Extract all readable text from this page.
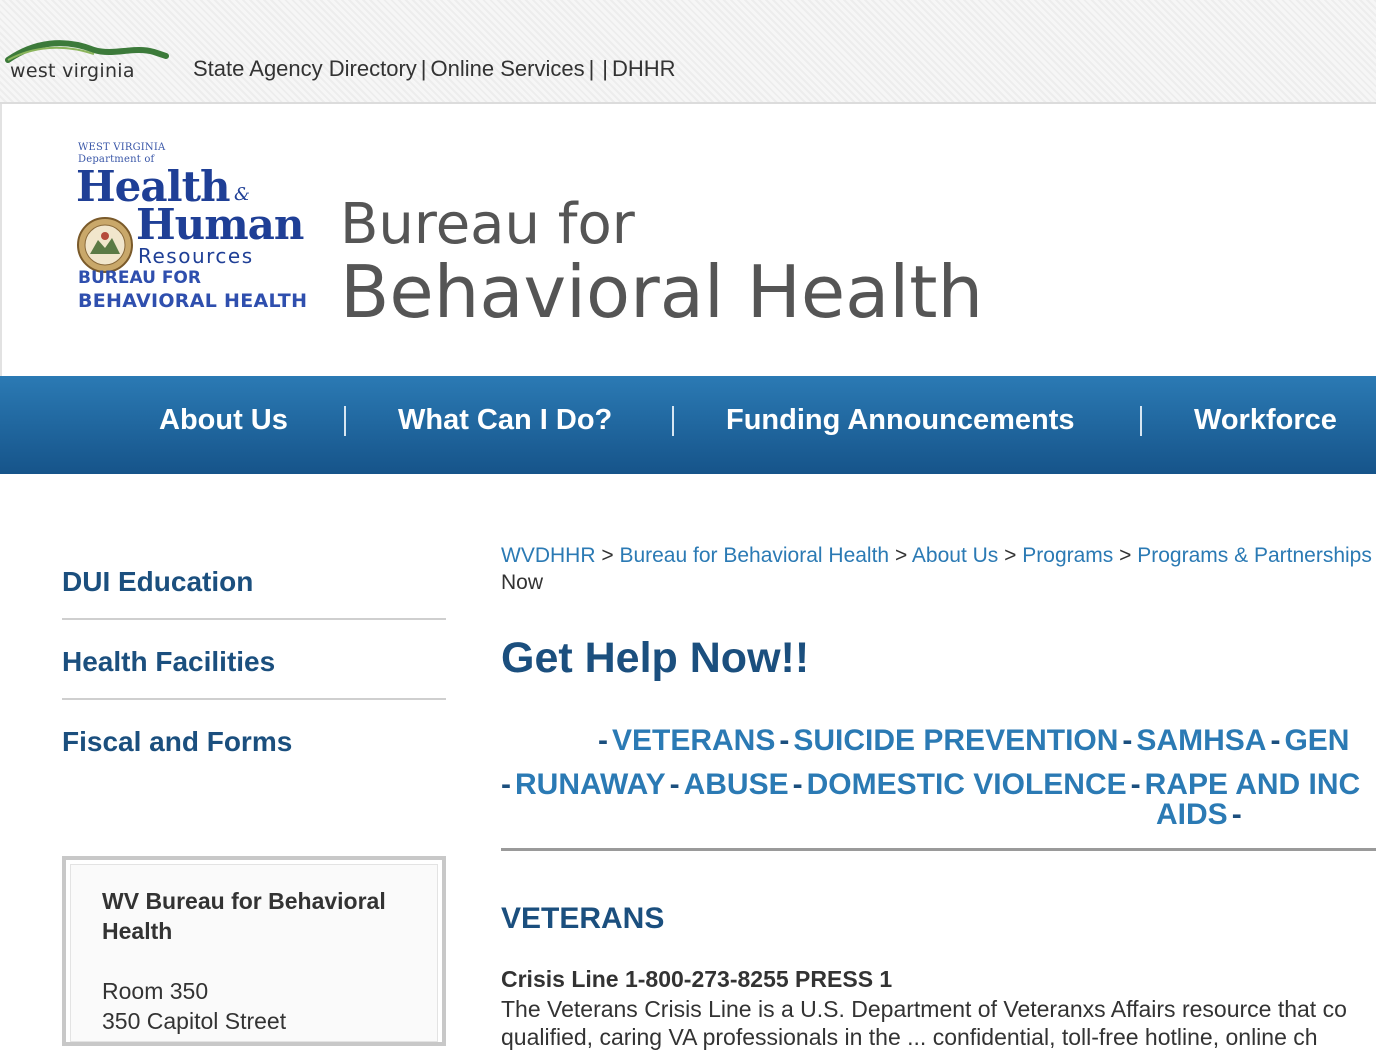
west virginia	State Agency Directory | Online Services | | DHHR
WEST VIRGINIA
Department of
Health &
Human
Resources
BUREAU FOR
BEHAVIORAL HEALTH
Bureau for
Behavioral Health
About Us	What Can I Do?	Funding Announcements	Workforce
DUI Education
Health Facilities
Fiscal and Forms
WV Bureau for Behavioral Health
Room 350
350 Capitol Street
WVDHHR > Bureau for Behavioral Health > About Us > Programs > Programs & Partnerships
Now
Get Help Now!!
- VETERANS - SUICIDE PREVENTION - SAMHSA - GEN
- RUNAWAY - ABUSE - DOMESTIC VIOLENCE - RAPE AND INC
AIDS -
VETERANS
Crisis Line 1-800-273-8255 PRESS 1
The Veterans Crisis Line is a U.S. Department of Veteranxs Affairs resource that co
qualified, caring VA professionals in the ... confidential, toll-free hotline, online ch
